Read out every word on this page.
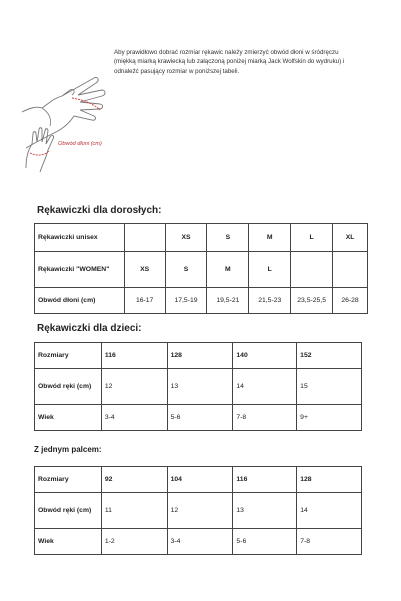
Aby prawidłowo dobrać rozmiar rękawic należy zmierzyć obwód dłoni w śródręczu
(miękką miarką krawiecką lub załączoną poniżej miarką Jack Wolfskin do wydruku) i
odnaleźć pasujący rozmiar w poniższej tabeli.
Obwód dłoni (cm)
Rękawiczki dla dorosłych:
Rękawiczki unisex		XS	S	M	L	XL
Rękawiczki "WOMEN"	XS	S	M	L		
Obwód dłoni (cm)	16-17	17,5-19	19,5-21	21,5-23	23,5-25,5	26-28
Rękawiczki dla dzieci:
Rozmiary	116	128	140	152
Obwód ręki (cm)	12	13	14	15
Wiek	3-4	5-6	7-8	9+
Z jednym palcem:
Rozmiary	92	104	116	128
Obwód ręki (cm)	11	12	13	14
Wiek	1-2	3-4	5-6	7-8
